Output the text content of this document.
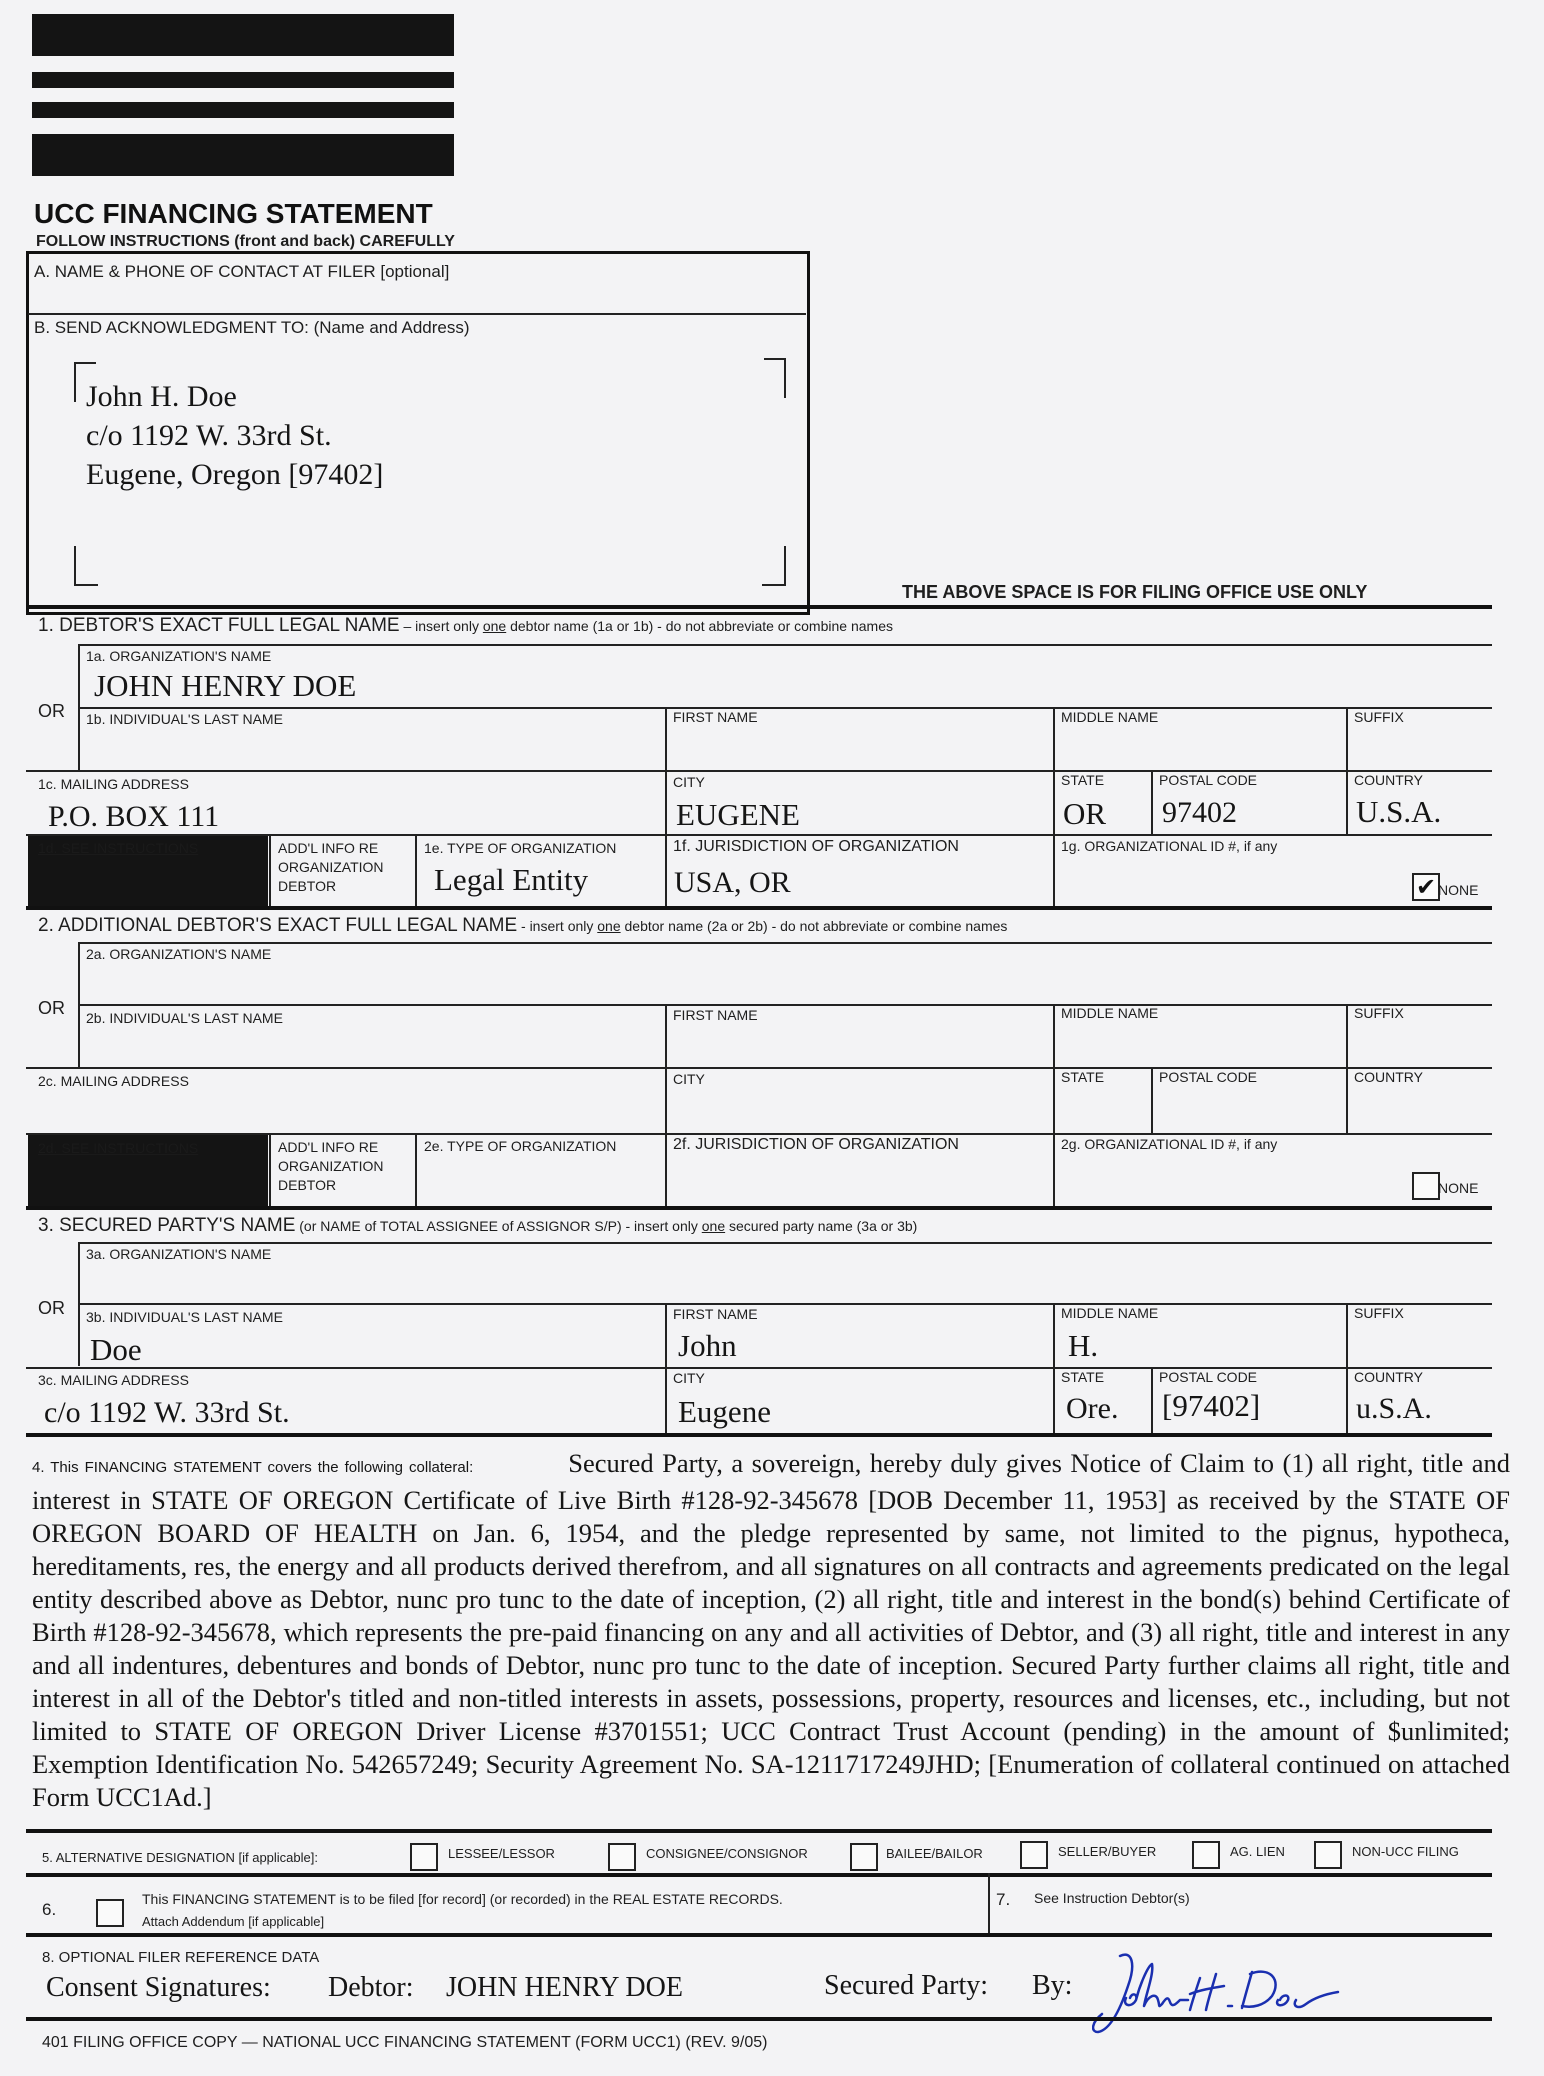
UCC FINANCING STATEMENT
FOLLOW INSTRUCTIONS (front and back) CAREFULLY
A. NAME & PHONE OF CONTACT AT FILER [optional]
B. SEND ACKNOWLEDGMENT TO: (Name and Address)
John H. Doe
c/o 1192 W. 33rd St.
Eugene, Oregon [97402]
THE ABOVE SPACE IS FOR FILING OFFICE USE ONLY
1. DEBTOR'S EXACT FULL LEGAL NAME – insert only one debtor name (1a or 1b) - do not abbreviate or combine names
1a. ORGANIZATION'S NAME
JOHN HENRY DOE
OR 1b. INDIVIDUAL'S LAST NAME	FIRST NAME	MIDDLE NAME	SUFFIX
1c. MAILING ADDRESS
P.O. BOX 111
CITY
EUGENE
STATE
OR
POSTAL CODE
97402
COUNTRY
U.S.A.
1d. SEE INSTRUCTIONS	ADD'L INFO RE
ORGANIZATION
DEBTOR
1e. TYPE OF ORGANIZATION
Legal Entity
1f. JURISDICTION OF ORGANIZATION
USA, OR
1g. ORGANIZATIONAL ID #, if any
✔ NONE
2. ADDITIONAL DEBTOR'S EXACT FULL LEGAL NAME - insert only one debtor name (2a or 2b) - do not abbreviate or combine names
2a. ORGANIZATION'S NAME
OR 2b. INDIVIDUAL'S LAST NAME	FIRST NAME	MIDDLE NAME	SUFFIX
2c. MAILING ADDRESS	CITY	STATE	POSTAL CODE	COUNTRY
2d. SEE INSTRUCTIONS	ADD'L INFO RE
ORGANIZATION
DEBTOR
2e. TYPE OF ORGANIZATION	2f. JURISDICTION OF ORGANIZATION	2g. ORGANIZATIONAL ID #, if any
NONE
3. SECURED PARTY'S NAME (or NAME of TOTAL ASSIGNEE of ASSIGNOR S/P) - insert only one secured party name (3a or 3b)
3a. ORGANIZATION'S NAME
OR 3b. INDIVIDUAL'S LAST NAME
Doe
FIRST NAME
John
MIDDLE NAME
H.
SUFFIX
3c. MAILING ADDRESS
c/o 1192 W. 33rd St.
CITY
Eugene
STATE
Ore.
POSTAL CODE
[97402]
COUNTRY
u.S.A.
4. This FINANCING STATEMENT covers the following collateral:	Secured Party, a sovereign, hereby duly gives Notice of Claim to (1) all right, title and interest in STATE OF OREGON Certificate of Live Birth #128-92-345678 [DOB December 11, 1953] as received by the STATE OF OREGON BOARD OF HEALTH on Jan. 6, 1954, and the pledge represented by same, not limited to the pignus, hypotheca, hereditaments, res, the energy and all products derived therefrom, and all signatures on all contracts and agreements predicated on the legal entity described above as Debtor, nunc pro tunc to the date of inception, (2) all right, title and interest in the bond(s) behind Certificate of Birth #128-92-345678, which represents the pre-paid financing on any and all activities of Debtor, and (3) all right, title and interest in any and all indentures, debentures and bonds of Debtor, nunc pro tunc to the date of inception. Secured Party further claims all right, title and interest in all of the Debtor's titled and non-titled interests in assets, possessions, property, resources and licenses, etc., including, but not limited to STATE OF OREGON Driver License #3701551; UCC Contract Trust Account (pending) in the amount of $unlimited; Exemption Identification No. 542657249; Security Agreement No. SA-1211717249JHD; [Enumeration of collateral continued on attached Form UCC1Ad.]
5. ALTERNATIVE DESIGNATION [if applicable]:	LESSEE/LESSOR	CONSIGNEE/CONSIGNOR	BAILEE/BAILOR	SELLER/BUYER	AG. LIEN	NON-UCC FILING
6.
This FINANCING STATEMENT is to be filed [for record] (or recorded) in the REAL ESTATE RECORDS.
Attach Addendum [if applicable]
7. See Instruction Debtor(s)
8. OPTIONAL FILER REFERENCE DATA
Consent Signatures: Debtor: JOHN HENRY DOE	Secured Party: By:
401 FILING OFFICE COPY — NATIONAL UCC FINANCING STATEMENT (FORM UCC1) (REV. 9/05)
